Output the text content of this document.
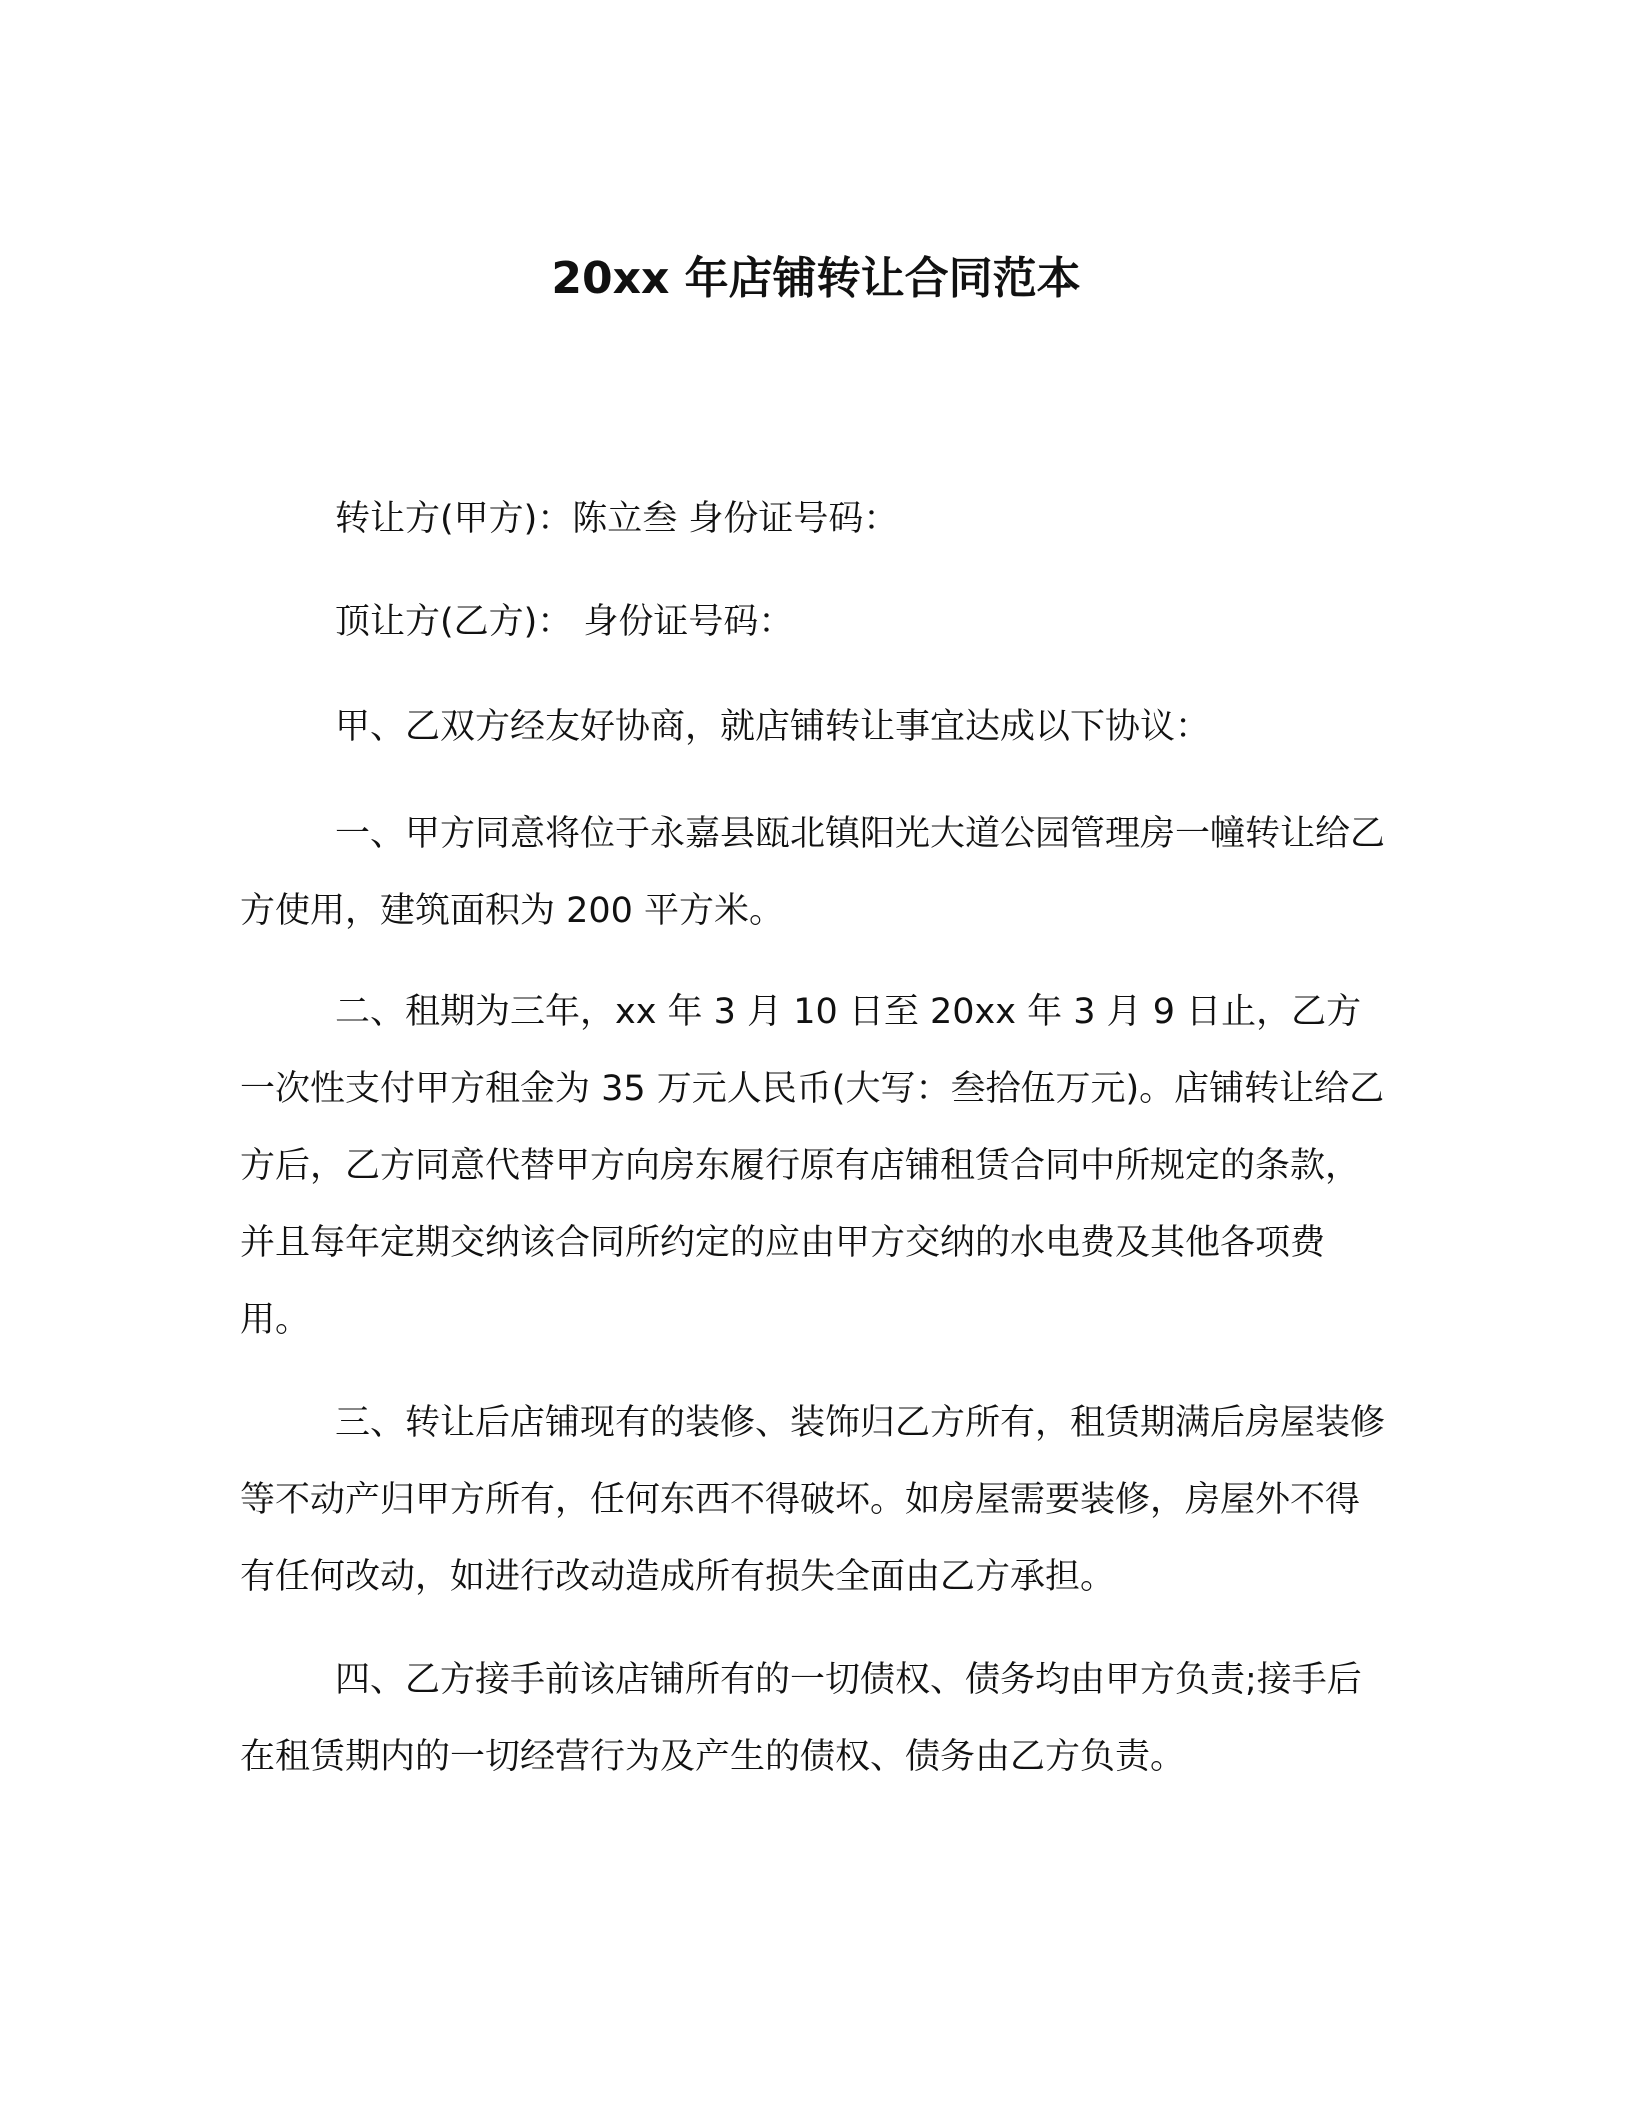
20xx 年店铺转让合同范本

转让方(甲方)：陈立叁 身份证号码：

顶让方(乙方)： 身份证号码：

甲、乙双方经友好协商，就店铺转让事宜达成以下协议：

一、甲方同意将位于永嘉县瓯北镇阳光大道公园管理房一幢转让给乙方使用，建筑面积为 200 平方米。

二、租期为三年，xx 年 3 月 10 日至 20xx 年 3 月 9 日止，乙方一次性支付甲方租金为 35 万元人民币(大写：叁拾伍万元)。店铺转让给乙方后，乙方同意代替甲方向房东履行原有店铺租赁合同中所规定的条款，并且每年定期交纳该合同所约定的应由甲方交纳的水电费及其他各项费用。

三、转让后店铺现有的装修、装饰归乙方所有，租赁期满后房屋装修等不动产归甲方所有，任何东西不得破坏。如房屋需要装修，房屋外不得有任何改动，如进行改动造成所有损失全面由乙方承担。

四、乙方接手前该店铺所有的一切债权、债务均由甲方负责;接手后在租赁期内的一切经营行为及产生的债权、债务由乙方负责。
